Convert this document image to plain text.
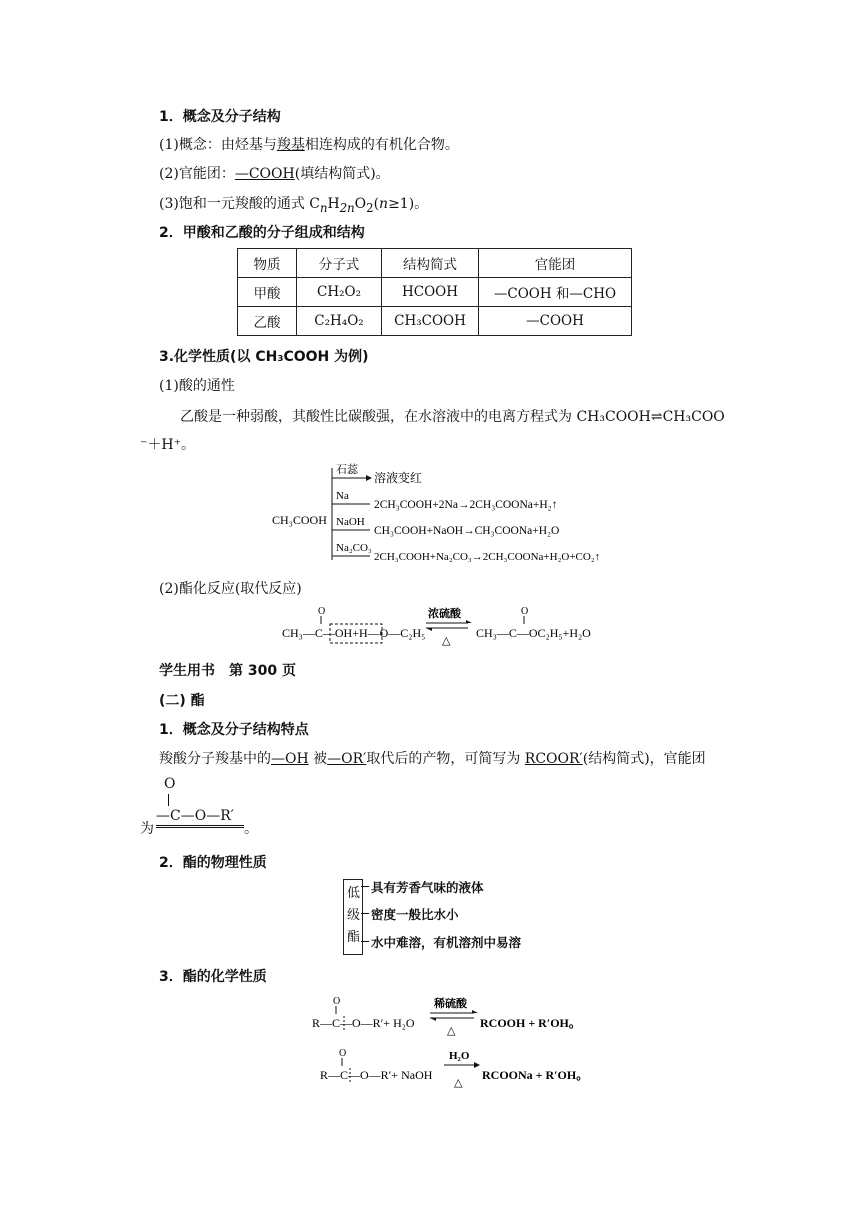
1．概念及分子结构
(1)概念：由烃基与羧基相连构成的有机化合物。
(2)官能团：—COOH(填结构简式)。
(3)饱和一元羧酸的通式 $C_nH_{2n}O_2(n\ge 1)$。
2．甲酸和乙酸的分子组成和结构
物质	分子式	结构简式	官能团
甲酸	CH₂O₂	HCOOH	—COOH 和—CHO
乙酸	C₂H₄O₂	CH₃COOH	—COOH
3.化学性质(以 CH₃COOH 为例)
(1)酸的通性
乙酸是一种弱酸，其酸性比碳酸强，在水溶液中的电离方程式为 CH₃COOH⇌CH₃COO
⁻＋H⁺。
CH₃COOH
石蕊
溶液变红
Na
2CH₃COOH+2Na→2CH₃COONa+H₂↑
NaOH
CH₃COOH+NaOH→CH₃COONa+H₂O
Na₂CO₃
2CH₃COOH+Na₂CO₃→2CH₃COONa+H₂O+CO₂↑
(2)酯化反应(取代反应)
O
CH₃—C—OH+H—O—C₂H₅
浓硫酸
△
O
CH₃—C—OC₂H₅+H₂O
学生用书　第 300 页
(二) 酯
1．概念及分子结构特点
羧酸分子羧基中的—OH 被—OR′取代后的产物，可简写为 RCOOR′(结构简式)，官能团
O
为
—C—O—R′
。
2．酯的物理性质
低
级
酯
具有芳香气味的液体
密度一般比水小
水中难溶，有机溶剂中易溶
3．酯的化学性质
O
R—C—O—R′+ H₂O
稀硫酸
△
RCOOH + R′OH。
O
R—C—O—R′+ NaOH
H₂O
△
RCOONa + R′OH。
